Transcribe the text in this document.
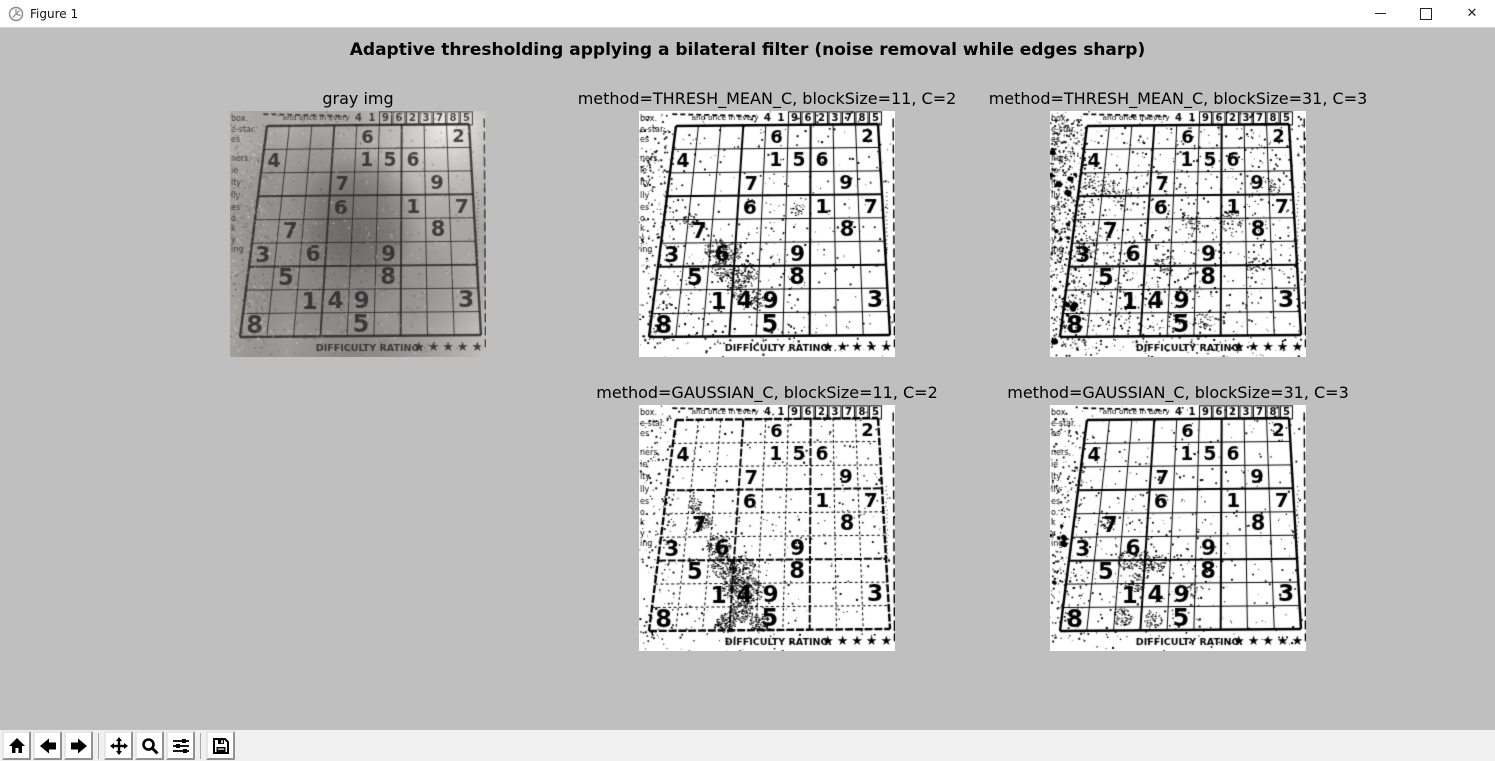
Figure 1	✕
Adaptive thresholding applying a bilateral filter (noise removal while edges sharp)
gray img	method=THRESH_MEAN_C, blockSize=11, C=2	method=THRESH_MEAN_C, blockSize=31, C=3
method=GAUSSIAN_C, blockSize=11, C=2	method=GAUSSIAN_C, blockSize=31, C=3
